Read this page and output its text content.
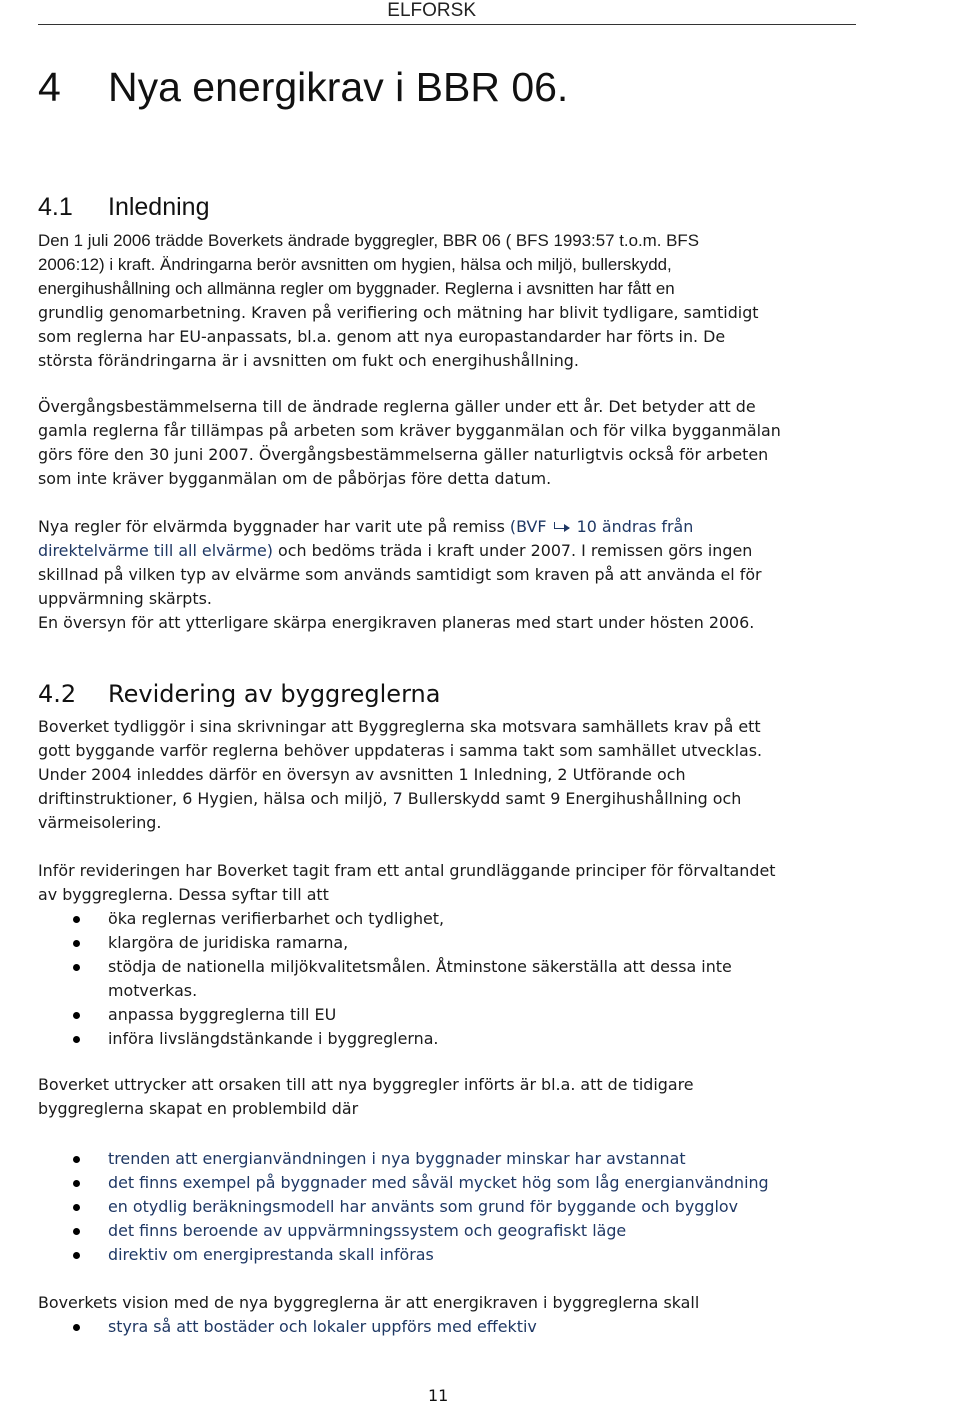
ELFORSK
4 Nya energikrav i BBR 06.
4.1 Inledning
Den 1 juli 2006 trädde Boverkets ändrade byggregler, BBR 06 ( BFS 1993:57 t.o.m. BFS
2006:12) i kraft. Ändringarna berör avsnitten om hygien, hälsa och miljö, bullerskydd,
energihushållning och allmänna regler om byggnader. Reglerna i avsnitten har fått en
grundlig genomarbetning. Kraven på verifiering och mätning har blivit tydligare, samtidigt
som reglerna har EU-anpassats, bl.a. genom att nya europastandarder har förts in. De
största förändringarna är i avsnitten om fukt och energihushållning.
Övergångsbestämmelserna till de ändrade reglerna gäller under ett år. Det betyder att de
gamla reglerna får tillämpas på arbeten som kräver bygganmälan och för vilka bygganmälan
görs före den 30 juni 2007. Övergångsbestämmelserna gäller naturligtvis också för arbeten
som inte kräver bygganmälan om de påbörjas före detta datum.
Nya regler för elvärmda byggnader har varit ute på remiss (BVF 10 ändras från
direktelvärme till all elvärme) och bedöms träda i kraft under 2007. I remissen görs ingen
skillnad på vilken typ av elvärme som används samtidigt som kraven på att använda el för
uppvärmning skärpts.
En översyn för att ytterligare skärpa energikraven planeras med start under hösten 2006.
4.2 Revidering av byggreglerna
Boverket tydliggör i sina skrivningar att Byggreglerna ska motsvara samhällets krav på ett
gott byggande varför reglerna behöver uppdateras i samma takt som samhället utvecklas.
Under 2004 inleddes därför en översyn av avsnitten 1 Inledning, 2 Utförande och
driftinstruktioner, 6 Hygien, hälsa och miljö, 7 Bullerskydd samt 9 Energihushållning och
värmeisolering.
Inför revideringen har Boverket tagit fram ett antal grundläggande principer för förvaltandet
av byggreglerna. Dessa syftar till att
öka reglernas verifierbarhet och tydlighet,
klargöra de juridiska ramarna,
stödja de nationella miljökvalitetsmålen. Åtminstone säkerställa att dessa inte
motverkas.
anpassa byggreglerna till EU
införa livslängdstänkande i byggreglerna.
Boverket uttrycker att orsaken till att nya byggregler införts är bl.a. att de tidigare
byggreglerna skapat en problembild där
trenden att energianvändningen i nya byggnader minskar har avstannat
det finns exempel på byggnader med såväl mycket hög som låg energianvändning
en otydlig beräkningsmodell har använts som grund för byggande och bygglov
det finns beroende av uppvärmningssystem och geografiskt läge
direktiv om energiprestanda skall införas
Boverkets vision med de nya byggreglerna är att energikraven i byggreglerna skall
styra så att bostäder och lokaler uppförs med effektiv
11
